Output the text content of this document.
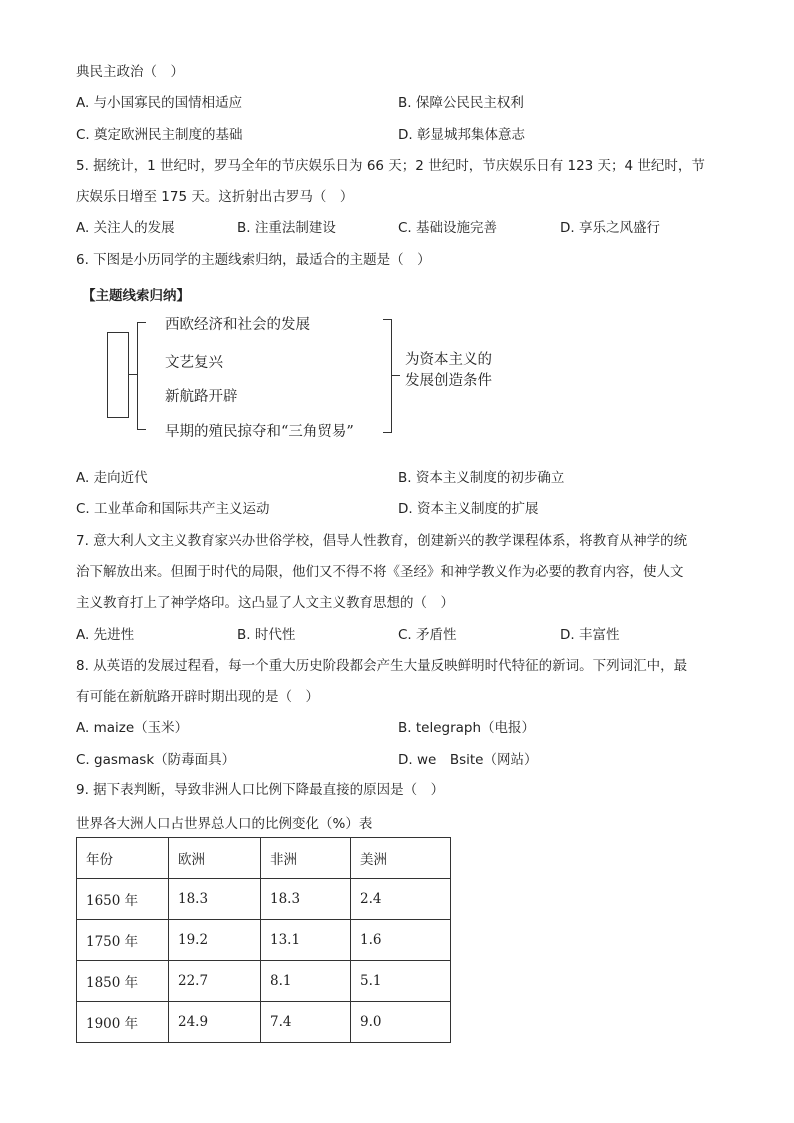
典民主政治（　）
A. 与小国寡民的国情相适应	B. 保障公民民主权利
C. 奠定欧洲民主制度的基础	D. 彰显城邦集体意志
5. 据统计，1 世纪时，罗马全年的节庆娱乐日为 66 天；2 世纪时，节庆娱乐日有 123 天；4 世纪时，节
庆娱乐日增至 175 天。这折射出古罗马（　）
A. 关注人的发展	B. 注重法制建设	C. 基础设施完善	D. 享乐之风盛行
6. 下图是小历同学的主题线索归纳，最适合的主题是（　）
【主题线索归纳】
西欧经济和社会的发展
文艺复兴
新航路开辟
早期的殖民掠夺和“三角贸易”
为资本主义的
发展创造条件
A. 走向近代	B. 资本主义制度的初步确立
C. 工业革命和国际共产主义运动	D. 资本主义制度的扩展
7. 意大利人文主义教育家兴办世俗学校，倡导人性教育，创建新兴的教学课程体系，将教育从神学的统
治下解放出来。但囿于时代的局限，他们又不得不将《圣经》和神学教义作为必要的教育内容，使人文
主义教育打上了神学烙印。这凸显了人文主义教育思想的（　）
A. 先进性	B. 时代性	C. 矛盾性	D. 丰富性
8. 从英语的发展过程看，每一个重大历史阶段都会产生大量反映鲜明时代特征的新词。下列词汇中，最
有可能在新航路开辟时期出现的是（　）
A. maize（玉米）	B. telegraph（电报）
C. gasmask（防毒面具）	D. we　Bsite（网站）
9. 据下表判断，导致非洲人口比例下降最直接的原因是（　）
世界各大洲人口占世界总人口的比例变化（%）表
年份	欧洲	非洲	美洲
1650 年	18.3	18.3	2.4
1750 年	19.2	13.1	1.6
1850 年	22.7	8.1	5.1
1900 年	24.9	7.4	9.0
